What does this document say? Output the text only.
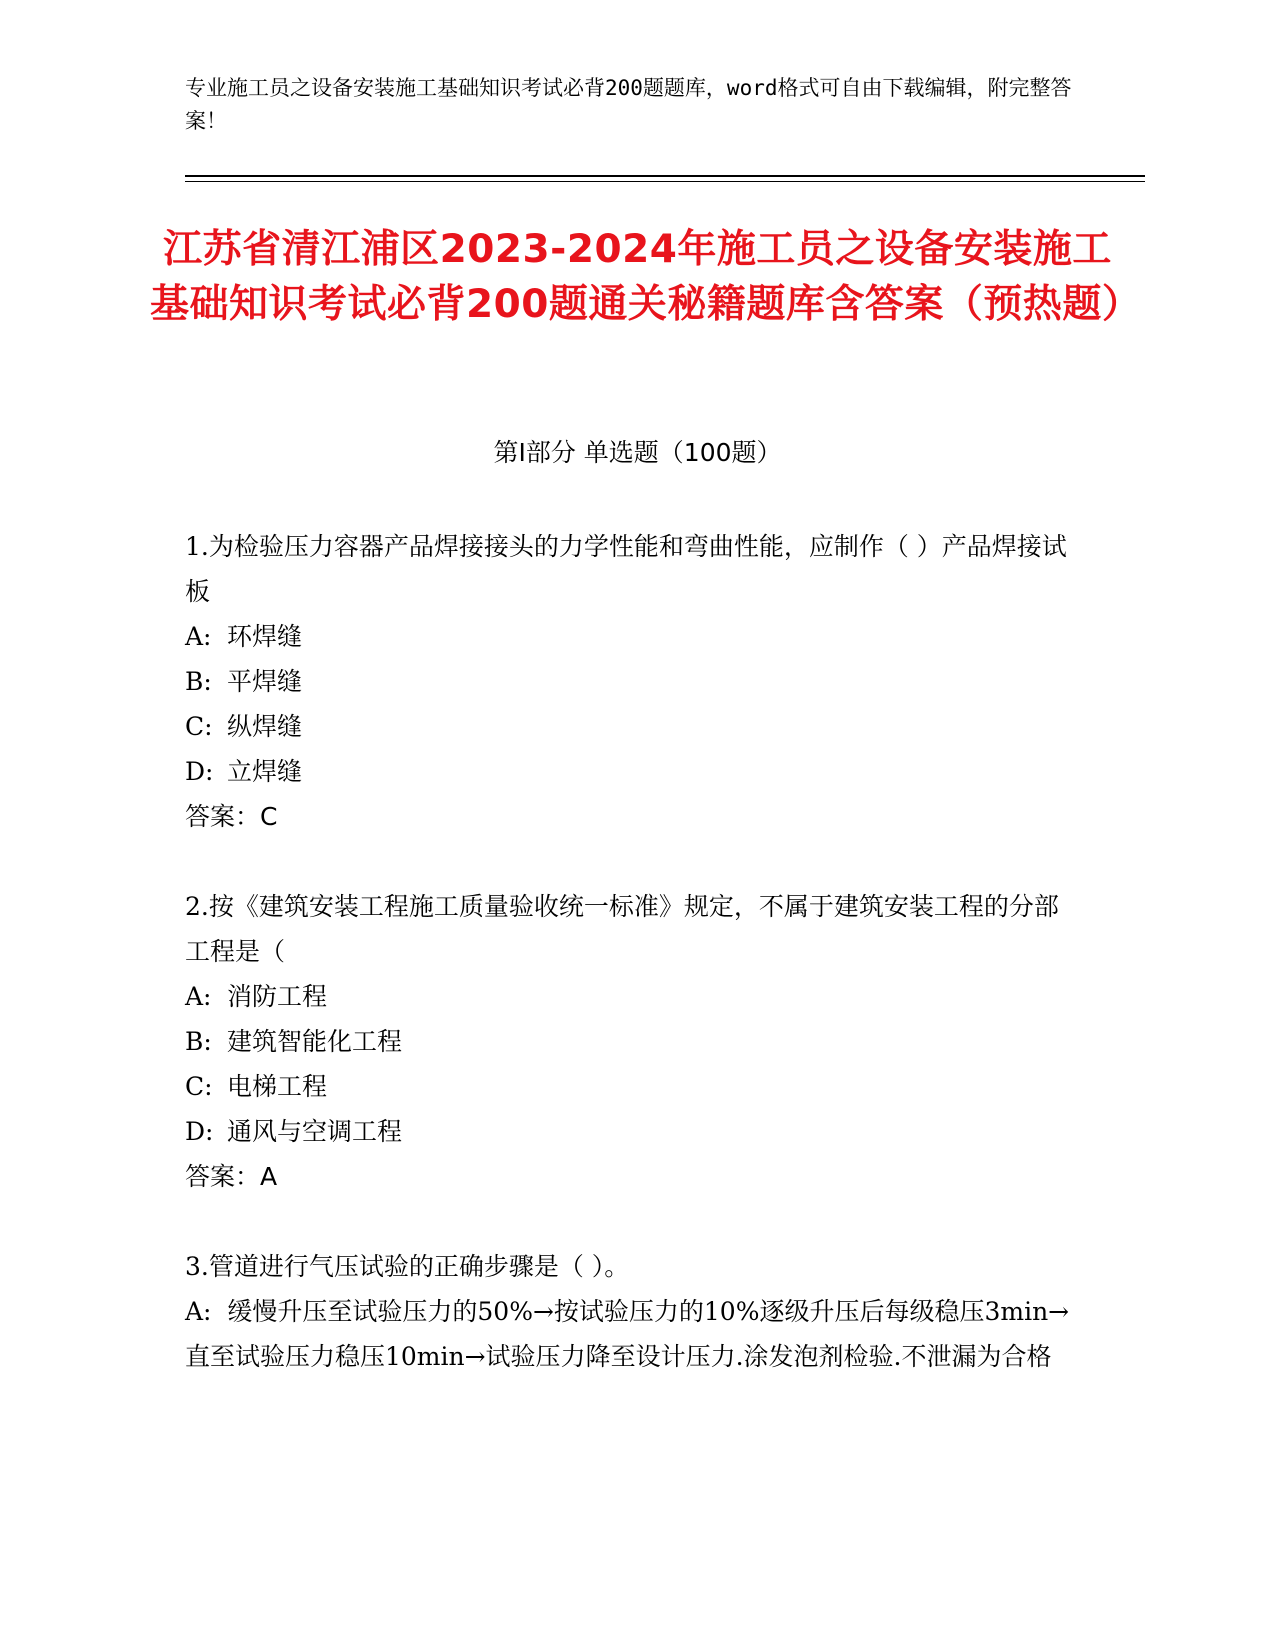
专业施工员之设备安装施工基础知识考试必背200题题库，word格式可自由下载编辑，附完整答案！
江苏省清江浦区2023-2024年施工员之设备安装施工基础知识考试必背200题通关秘籍题库含答案（预热题）
第Ⅰ部分 单选题（100题）

1.为检验压力容器产品焊接接头的力学性能和弯曲性能，应制作（ ）产品焊接试板

A: 环焊缝

B: 平焊缝

C: 纵焊缝

D: 立焊缝

答案：C

2.按《建筑安装工程施工质量验收统一标准》规定，不属于建筑安装工程的分部工程是（

A: 消防工程

B: 建筑智能化工程

C: 电梯工程

D: 通风与空调工程

答案：A

3.管道进行气压试验的正确步骤是（ ）。

A: 缓慢升压至试验压力的50%→按试验压力的10%逐级升压后每级稳压3min→直至试验压力稳压10min→试验压力降至设计压力.涂发泡剂检验.不泄漏为合格
